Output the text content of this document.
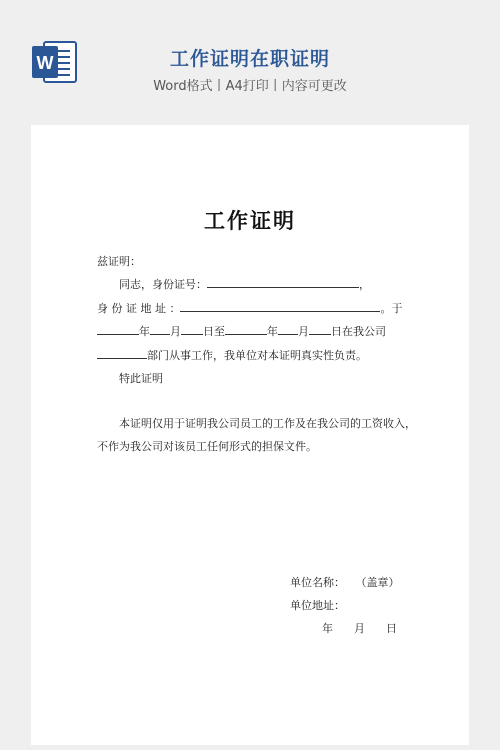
W	工作证明在职证明
Word格式丨A4打印丨内容可更改
工作证明
兹证明：
同志，身份证号：	，
身 份 证 地 址 ：	。于
年 月 日至	年 月 日在我公司
部门从事工作，我单位对本证明真实性负责。
特此证明
本证明仅用于证明我公司员工的工作及在我公司的工资收入，
不作为我公司对该员工任何形式的担保文件。
单位名称： （盖章）
单位地址：
年 月 日
